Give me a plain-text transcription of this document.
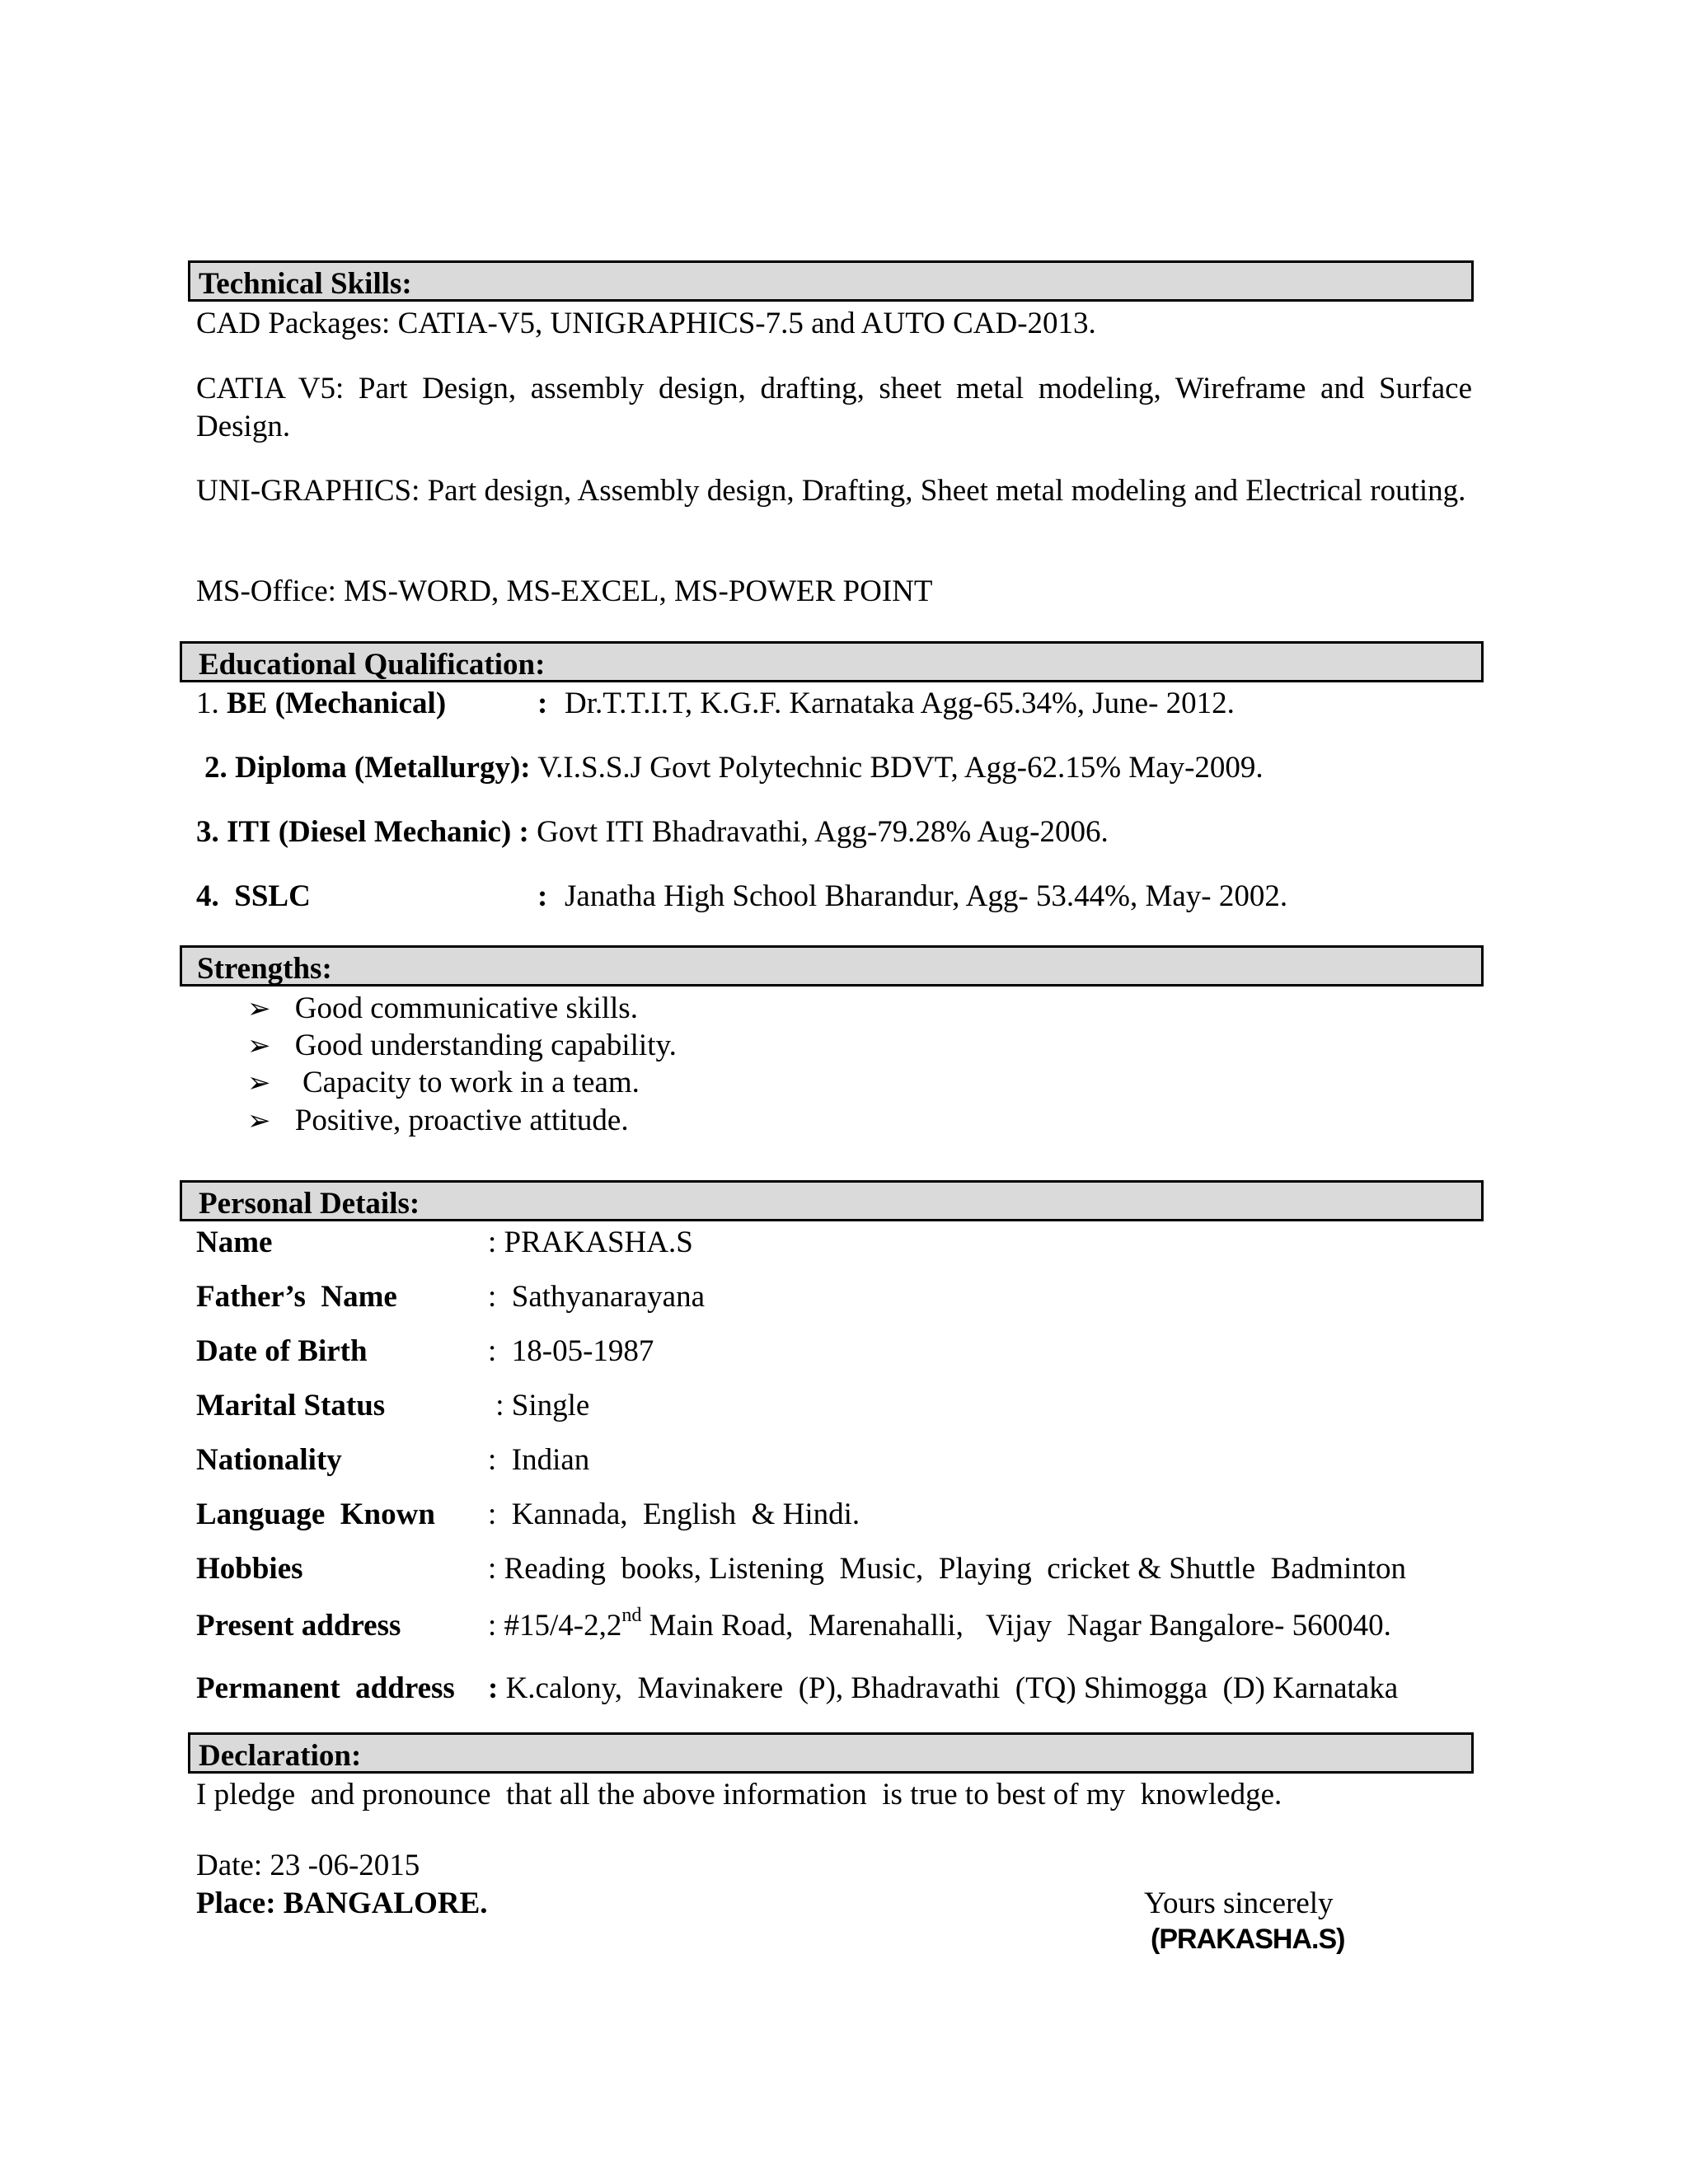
Technical Skills:
CAD Packages: CATIA-V5, UNIGRAPHICS-7.5 and AUTO CAD-2013.
CATIA V5: Part Design, assembly design, drafting, sheet metal modeling, Wireframe and Surface Design.
UNI-GRAPHICS: Part design, Assembly design, Drafting, Sheet metal modeling and Electrical routing.
MS-Office: MS-WORD, MS-EXCEL, MS-POWER POINT
Educational Qualification:
1. BE (Mechanical)	: Dr.T.T.I.T, K.G.F. Karnataka Agg-65.34%, June- 2012.
2. Diploma (Metallurgy): V.I.S.S.J Govt Polytechnic BDVT, Agg-62.15% May-2009.
3. ITI (Diesel Mechanic) : Govt ITI Bhadravathi, Agg-79.28% Aug-2006.
4. SSLC	: Janatha High School Bharandur, Agg- 53.44%, May- 2002.
Strengths:
➢ Good communicative skills.
➢ Good understanding capability.
➢  Capacity to work in a team.
➢ Positive, proactive attitude.
Personal Details:
Name	: PRAKASHA.S
Father’s  Name	:  Sathyanarayana
Date of Birth	:  18-05-1987
Marital Status	: Single
Nationality	:  Indian
Language  Known :  Kannada,  English  & Hindi.
Hobbies	: Reading  books, Listening  Music,  Playing  cricket & Shuttle  Badminton
Present address	: #15/4-2,2nd Main Road,  Marenahalli,   Vijay  Nagar Bangalore- 560040.
Permanent  address : K.calony,  Mavinakere  (P), Bhadravathi  (TQ) Shimogga  (D) Karnataka
Declaration:
I pledge  and pronounce  that all the above information  is true to best of my  knowledge.
Date: 23 -06-2015
Place: BANGALORE.	Yours sincerely
(PRAKASHA.S)
